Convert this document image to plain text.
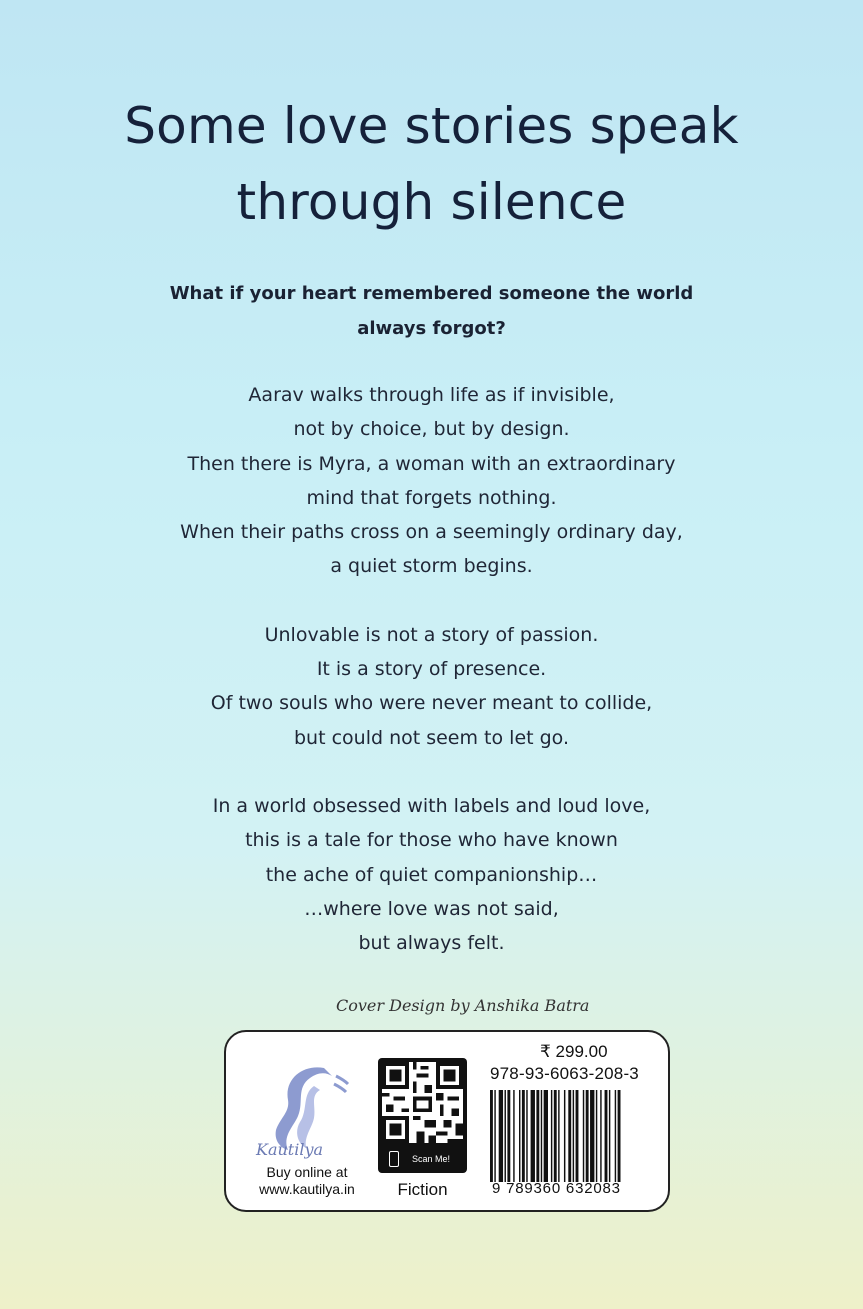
Some love stories speak
through silence
What if your heart remembered someone the world
always forgot?
Aarav walks through life as if invisible,
not by choice, but by design.
Then there is Myra, a woman with an extraordinary
mind that forgets nothing.
When their paths cross on a seemingly ordinary day,
a quiet storm begins.
Unlovable is not a story of passion.
It is a story of presence.
Of two souls who were never meant to collide,
but could not seem to let go.
In a world obsessed with labels and loud love,
this is a tale for those who have known
the ache of quiet companionship…
…where love was not said,
but always felt.
Cover Design by Anshika Batra
Kautilya
Buy online at
www.kautilya.in
Scan Me!
Fiction
₹ 299.00
978-93-6063-208-3
9 789360 632083
